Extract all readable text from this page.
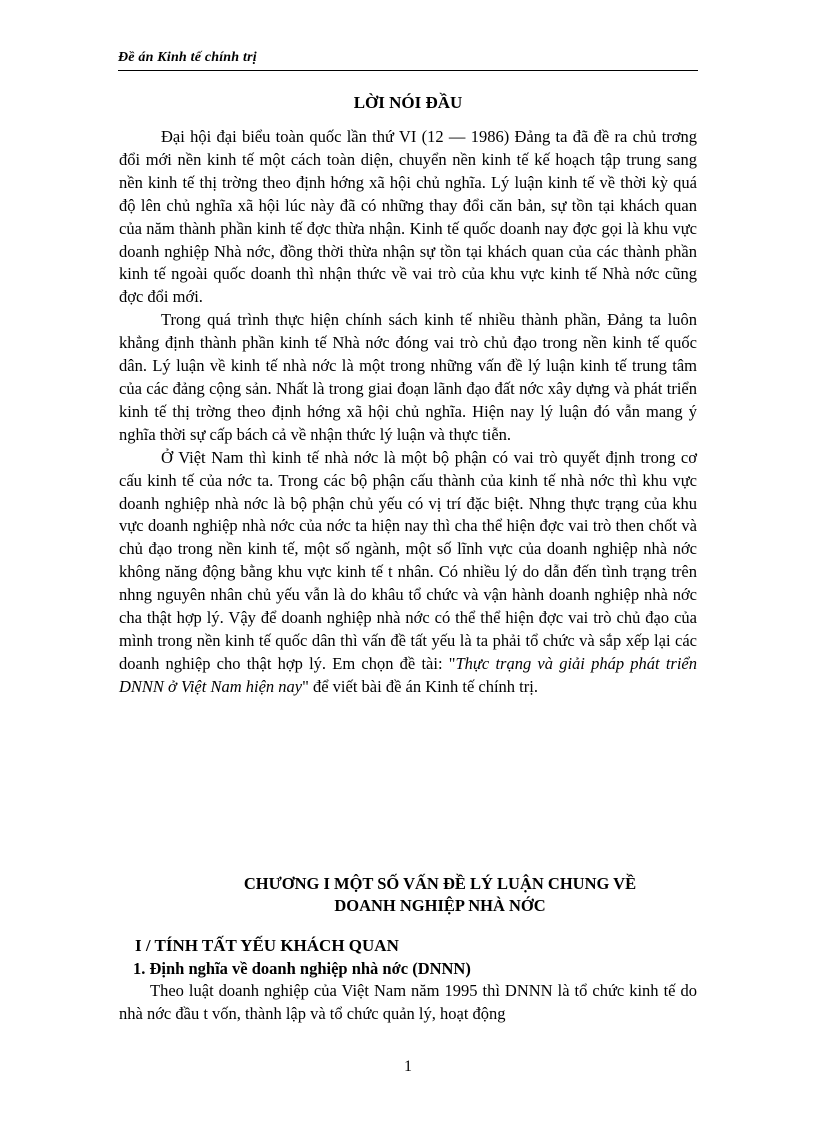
Đề án Kinh tế chính trị
LỜI NÓI ĐẦU

Đại hội đại biểu toàn quốc lần thứ VI (12 — 1986) Đảng ta đã đề ra chủ trơng đổi mới nền kinh tế một cách toàn diện, chuyển nền kinh tế kế hoạch tập trung sang nền kinh tế thị trờng theo định hớng xã hội chủ nghĩa. Lý luận kinh tế về thời kỳ quá độ lên chủ nghĩa xã hội lúc này đã có những thay đổi căn bản, sự tồn tại khách quan của năm thành phần kinh tế đợc thừa nhận. Kinh tế quốc doanh nay đợc gọi là khu vực doanh nghiệp Nhà nớc, đồng thời thừa nhận sự tồn tại khách quan của các thành phần kinh tế ngoài quốc doanh thì nhận thức về vai trò của khu vực kinh tế Nhà nớc cũng đợc đổi mới.

Trong quá trình thực hiện chính sách kinh tế nhiều thành phần, Đảng ta luôn khẳng định thành phần kinh tế Nhà nớc đóng vai trò chủ đạo trong nền kinh tế quốc dân. Lý luận về kinh tế nhà nớc là một trong những vấn đề lý luận kinh tế trung tâm của các đảng cộng sản. Nhất là trong giai đoạn lãnh đạo đất nớc xây dựng và phát triển kinh tế thị trờng theo định hớng xã hội chủ nghĩa. Hiện nay lý luận đó vẫn mang ý nghĩa thời sự cấp bách cả về nhận thức lý luận và thực tiễn.

Ở Việt Nam thì kinh tế nhà nớc là một bộ phận có vai trò quyết định trong cơ cấu kinh tế của nớc ta. Trong các bộ phận cấu thành của kinh tế nhà nớc thì khu vực doanh nghiệp nhà nớc là bộ phận chủ yếu có vị trí đặc biệt. Nhng thực trạng của khu vực doanh nghiệp nhà nớc của nớc ta hiện nay thì cha thể hiện đợc vai trò then chốt và chủ đạo trong nền kinh tế, một số ngành, một số lĩnh vực của doanh nghiệp nhà nớc không năng động bằng khu vực kinh tế t nhân. Có nhiều lý do dẫn đến tình trạng trên nhng nguyên nhân chủ yếu vẫn là do khâu tổ chức và vận hành doanh nghiệp nhà nớc cha thật hợp lý. Vậy để doanh nghiệp nhà nớc có thể thể hiện đợc vai trò chủ đạo của mình trong nền kinh tế quốc dân thì vấn đề tất yếu là ta phải tổ chức và sắp xếp lại các doanh nghiệp cho thật hợp lý. Em chọn đề tài: "Thực trạng và giải pháp phát triển DNNN ở Việt Nam hiện nay" để viết bài đề án Kinh tế chính trị.

CHƯƠNG I MỘT SỐ VẤN ĐỀ LÝ LUẬN CHUNG VỀ
DOANH NGHIỆP NHÀ NỚC
I / TÍNH TẤT YẾU KHÁCH QUAN
1. Định nghĩa về doanh nghiệp nhà nớc (DNNN)

Theo luật doanh nghiệp của Việt Nam năm 1995 thì DNNN là tổ chức kinh tế do nhà nớc đầu t vốn, thành lập và tổ chức quản lý, hoạt động

1
